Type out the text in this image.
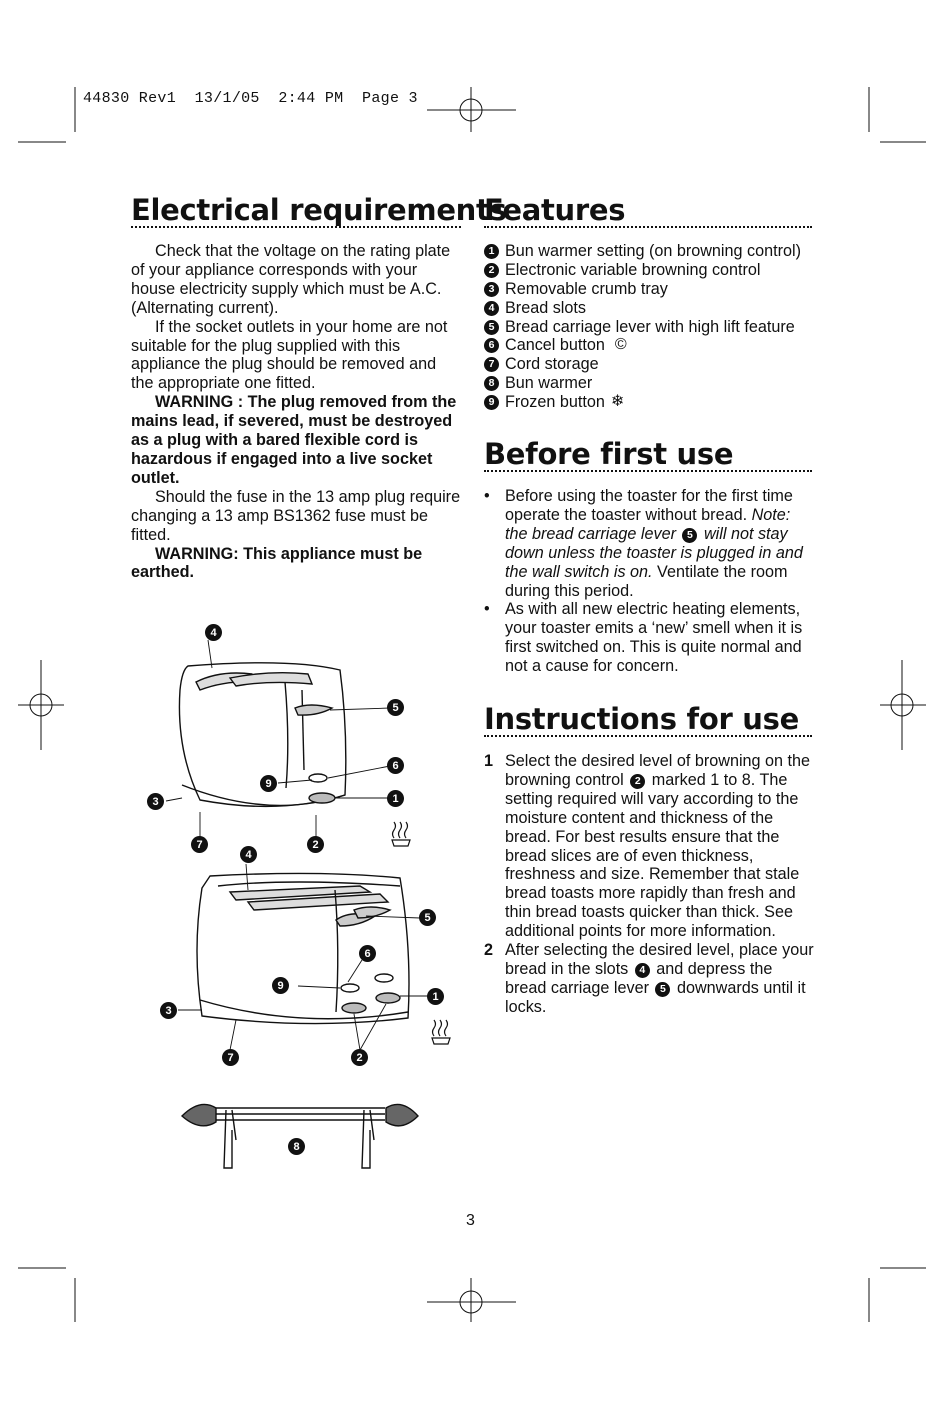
44830 Rev1  13/1/05  2:44 PM  Page 3
Electrical requirements

Check that the voltage on the rating plate of your appliance corresponds with your house electricity supply which must be A.C. (Alternating current).

If the socket outlets in your home are not suitable for the plug supplied with this appliance the plug should be removed and the appropriate one fitted.

WARNING : The plug removed from the mains lead, if severed, must be destroyed as a plug with a bared flexible cord is hazardous if engaged into a live socket outlet.

Should the fuse in the 13 amp plug require changing a 13 amp BS1362 fuse must be fitted.

WARNING: This appliance must be earthed.

4
5
6
9
1
3
7	2
4
5
6
9
1
3
7	2
8
Features
1 Bun warmer setting (on browning control)
2 Electronic variable browning control
3 Removable crumb tray
4 Bread slots
5 Bread carriage lever with high lift feature
6 Cancel button ©
7 Cord storage
8 Bun warmer
9 Frozen button ❄
Before first use
• Before using the toaster for the first time operate the toaster without bread. Note: the bread carriage lever 5 will not stay down unless the toaster is plugged in and the wall switch is on. Ventilate the room during this period.
• As with all new electric heating elements, your toaster emits a ‘new’ smell when it is first switched on. This is quite normal and not a cause for concern.
Instructions for use
1 Select the desired level of browning on the browning control 2 marked 1 to 8. The setting required will vary according to the moisture content and thickness of the bread. For best results ensure that the bread slices are of even thickness, freshness and size. Remember that stale bread toasts more rapidly than fresh and thin bread toasts quicker than thick. See additional points for more information.
2 After selecting the desired level, place your bread in the slots 4 and depress the bread carriage lever 5 downwards until it locks.
3
